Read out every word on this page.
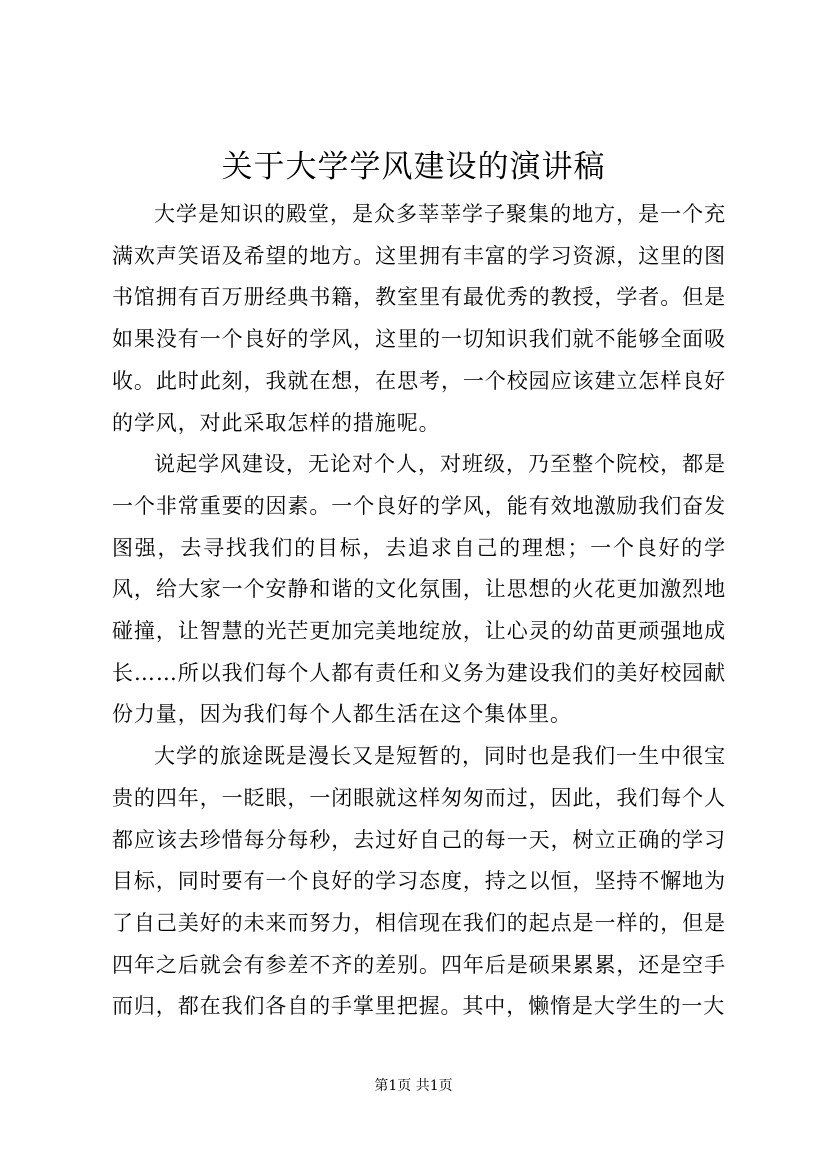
关于大学学风建设的演讲稿

大学是知识的殿堂，是众多莘莘学子聚集的地方，是一个充满欢声笑语及希望的地方。这里拥有丰富的学习资源，这里的图书馆拥有百万册经典书籍，教室里有最优秀的教授，学者。但是如果没有一个良好的学风，这里的一切知识我们就不能够全面吸收。此时此刻，我就在想，在思考，一个校园应该建立怎样良好的学风，对此采取怎样的措施呢。

说起学风建设，无论对个人，对班级，乃至整个院校，都是一个非常重要的因素。一个良好的学风，能有效地激励我们奋发图强，去寻找我们的目标，去追求自己的理想；一个良好的学风，给大家一个安静和谐的文化氛围，让思想的火花更加激烈地碰撞，让智慧的光芒更加完美地绽放，让心灵的幼苗更顽强地成长……所以我们每个人都有责任和义务为建设我们的美好校园献份力量，因为我们每个人都生活在这个集体里。

大学的旅途既是漫长又是短暂的，同时也是我们一生中很宝贵的四年，一眨眼，一闭眼就这样匆匆而过，因此，我们每个人都应该去珍惜每分每秒，去过好自己的每一天，树立正确的学习目标，同时要有一个良好的学习态度，持之以恒，坚持不懈地为了自己美好的未来而努力，相信现在我们的起点是一样的，但是四年之后就会有参差不齐的差别。四年后是硕果累累，还是空手而归，都在我们各自的手掌里把握。其中，懒惰是大学生的一大

第1页 共1页
